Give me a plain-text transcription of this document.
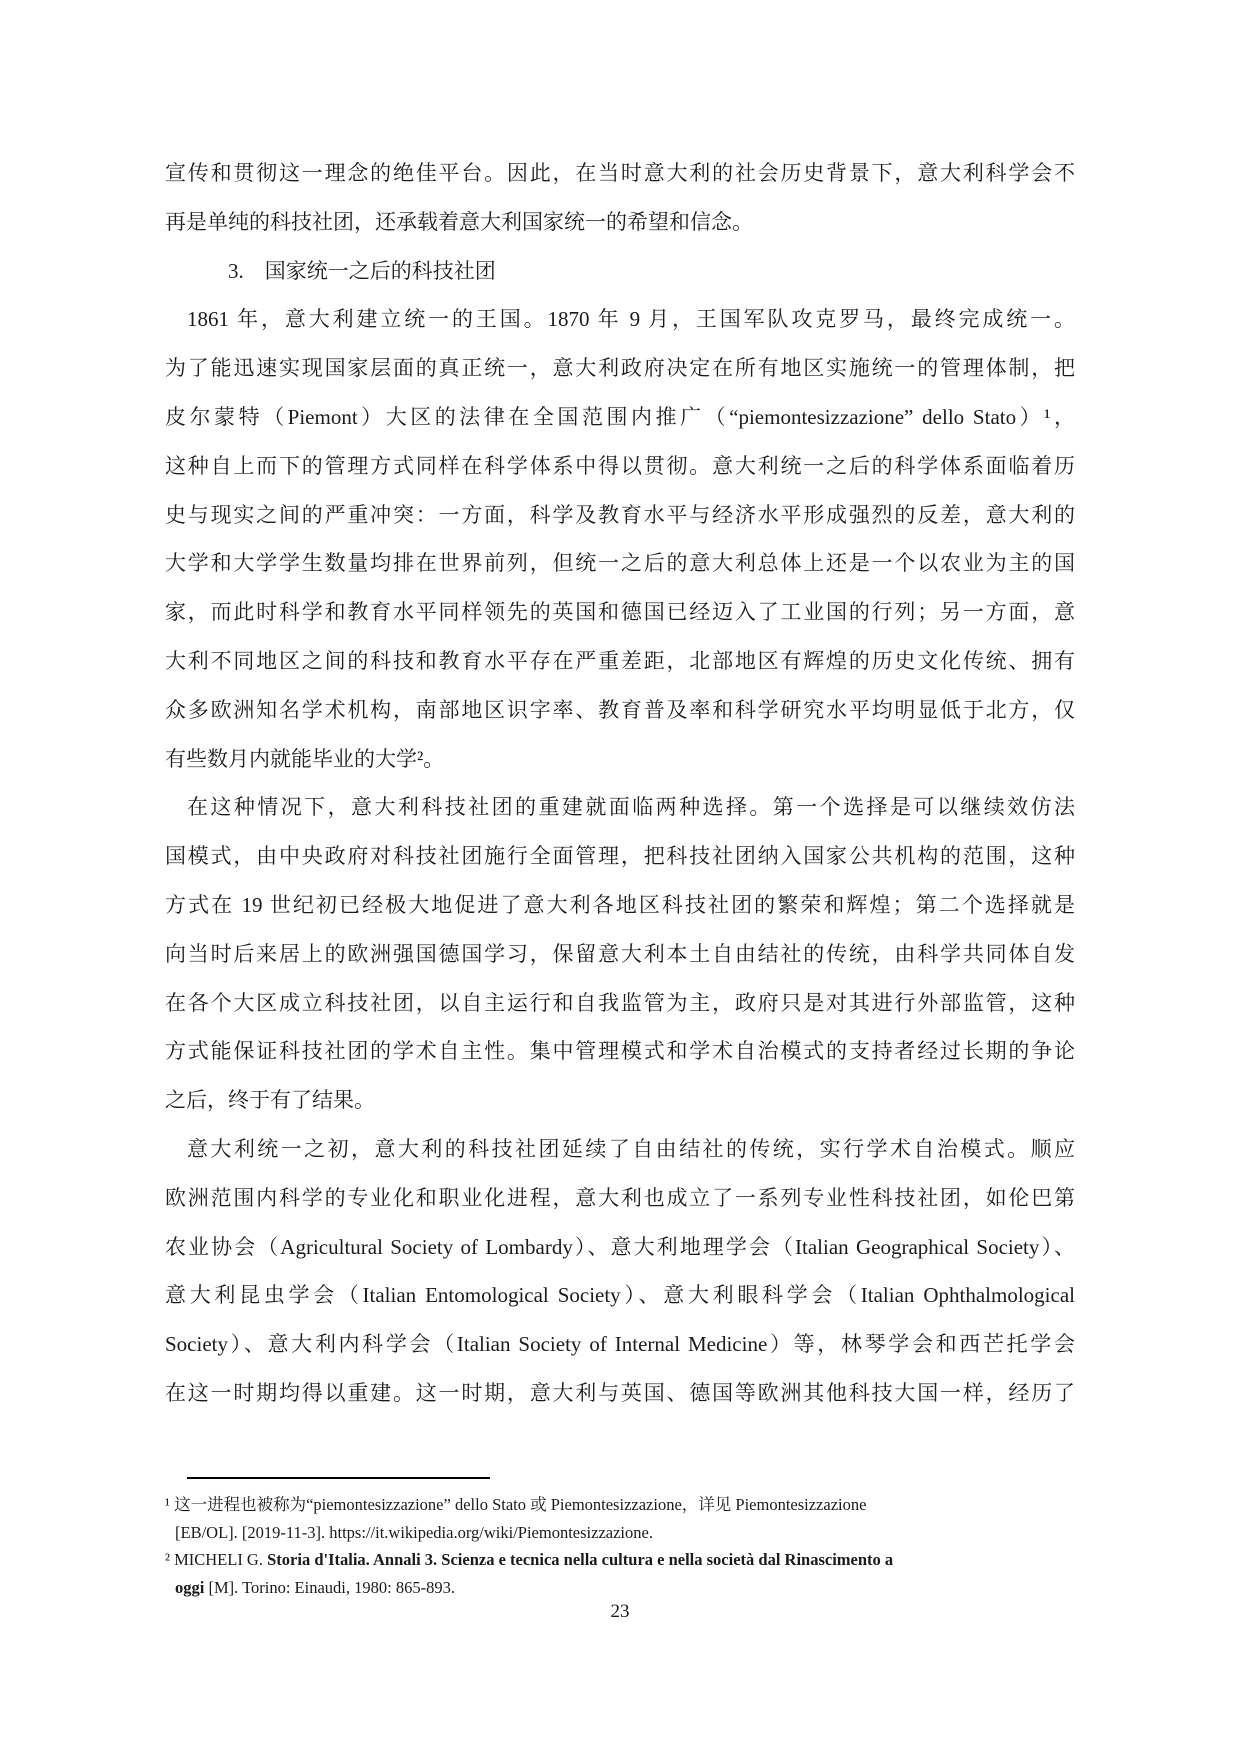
宣传和贯彻这一理念的绝佳平台。因此，在当时意大利的社会历史背景下，意大利科学会不
再是单纯的科技社团，还承载着意大利国家统一的希望和信念。
3.　国家统一之后的科技社团
1861 年，意大利建立统一的王国。1870 年 9 月，王国军队攻克罗马，最终完成统一。
为了能迅速实现国家层面的真正统一，意大利政府决定在所有地区实施统一的管理体制，把
皮尔蒙特（Piemont）大区的法律在全国范围内推广（“piemontesizzazione” dello Stato）¹，
这种自上而下的管理方式同样在科学体系中得以贯彻。意大利统一之后的科学体系面临着历
史与现实之间的严重冲突：一方面，科学及教育水平与经济水平形成强烈的反差，意大利的
大学和大学学生数量均排在世界前列，但统一之后的意大利总体上还是一个以农业为主的国
家，而此时科学和教育水平同样领先的英国和德国已经迈入了工业国的行列；另一方面，意
大利不同地区之间的科技和教育水平存在严重差距，北部地区有辉煌的历史文化传统、拥有
众多欧洲知名学术机构，南部地区识字率、教育普及率和科学研究水平均明显低于北方，仅
有些数月内就能毕业的大学²。
在这种情况下，意大利科技社团的重建就面临两种选择。第一个选择是可以继续效仿法
国模式，由中央政府对科技社团施行全面管理，把科技社团纳入国家公共机构的范围，这种
方式在 19 世纪初已经极大地促进了意大利各地区科技社团的繁荣和辉煌；第二个选择就是
向当时后来居上的欧洲强国德国学习，保留意大利本土自由结社的传统，由科学共同体自发
在各个大区成立科技社团，以自主运行和自我监管为主，政府只是对其进行外部监管，这种
方式能保证科技社团的学术自主性。集中管理模式和学术自治模式的支持者经过长期的争论
之后，终于有了结果。
意大利统一之初，意大利的科技社团延续了自由结社的传统，实行学术自治模式。顺应
欧洲范围内科学的专业化和职业化进程，意大利也成立了一系列专业性科技社团，如伦巴第
农业协会（Agricultural Society of Lombardy）、意大利地理学会（Italian Geographical Society）、
意大利昆虫学会（Italian Entomological Society）、意大利眼科学会（Italian Ophthalmological
Society）、意大利内科学会（Italian Society of Internal Medicine）等，林琴学会和西芒托学会
在这一时期均得以重建。这一时期，意大利与英国、德国等欧洲其他科技大国一样，经历了
¹ 这一进程也被称为“piemontesizzazione” dello Stato 或 Piemontesizzazione，详见 Piemontesizzazione
[EB/OL]. [2019-11-3]. https://it.wikipedia.org/wiki/Piemontesizzazione.
² MICHELI G. Storia d'Italia. Annali 3. Scienza e tecnica nella cultura e nella società dal Rinascimento a
oggi [M]. Torino: Einaudi, 1980: 865-893.
23
